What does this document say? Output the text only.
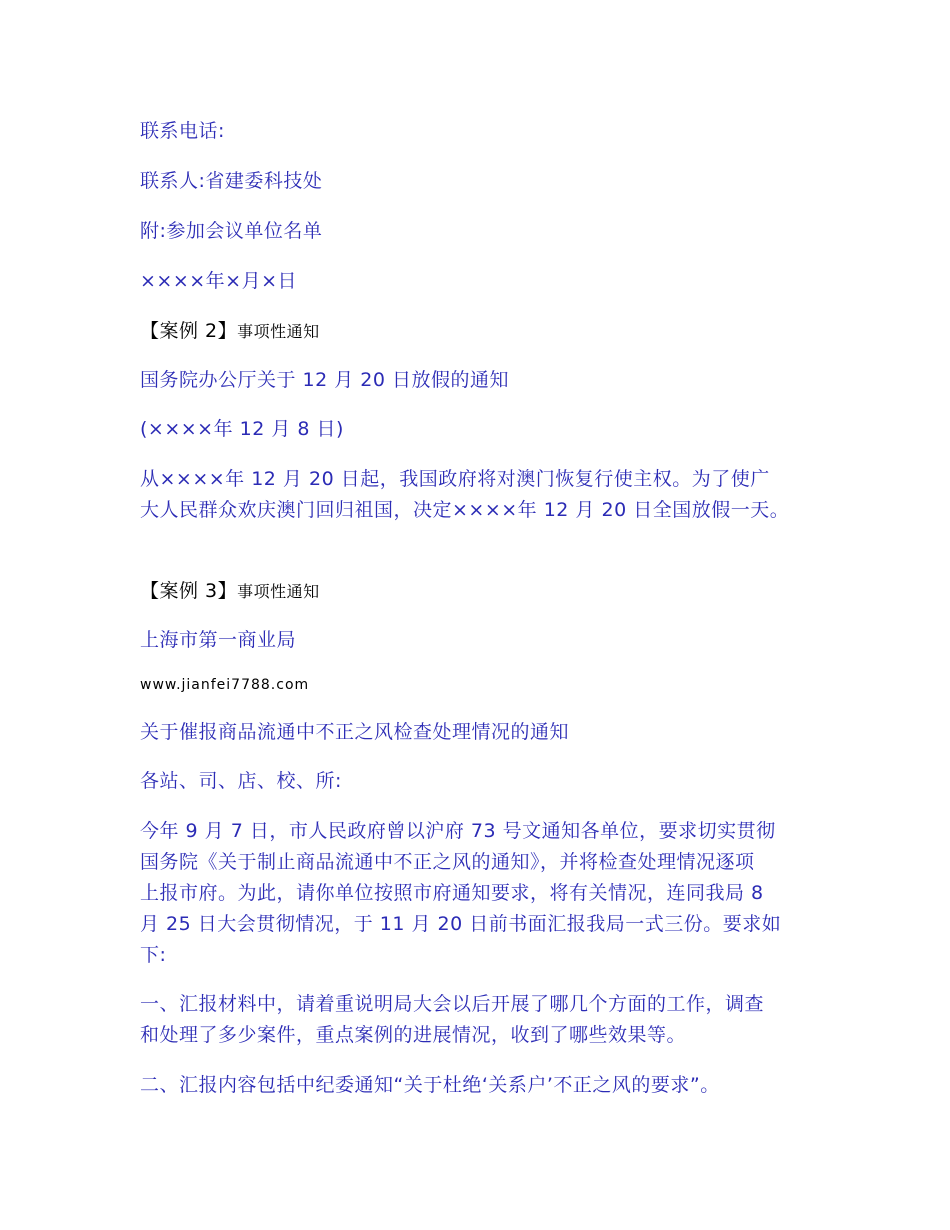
联系电话:
联系人:省建委科技处
附:参加会议单位名单
××××年×月×日
【案例 2】事项性通知
国务院办公厅关于 12 月 20 日放假的通知
(××××年 12 月 8 日)
从××××年 12 月 20 日起，我国政府将对澳门恢复行使主权。为了使广
大人民群众欢庆澳门回归祖国，决定××××年 12 月 20 日全国放假一天。
【案例 3】事项性通知
上海市第一商业局
www.jianfei7788.com
关于催报商品流通中不正之风检查处理情况的通知
各站、司、店、校、所:
今年 9 月 7 日，市人民政府曾以沪府 73 号文通知各单位，要求切实贯彻
国务院《关于制止商品流通中不正之风的通知》，并将检查处理情况逐项
上报市府。为此，请你单位按照市府通知要求，将有关情况，连同我局 8
月 25 日大会贯彻情况，于 11 月 20 日前书面汇报我局一式三份。要求如
下:
一、汇报材料中，请着重说明局大会以后开展了哪几个方面的工作，调查
和处理了多少案件，重点案例的进展情况，收到了哪些效果等。
二、汇报内容包括中纪委通知“关于杜绝‘关系户’不正之风的要求”。
